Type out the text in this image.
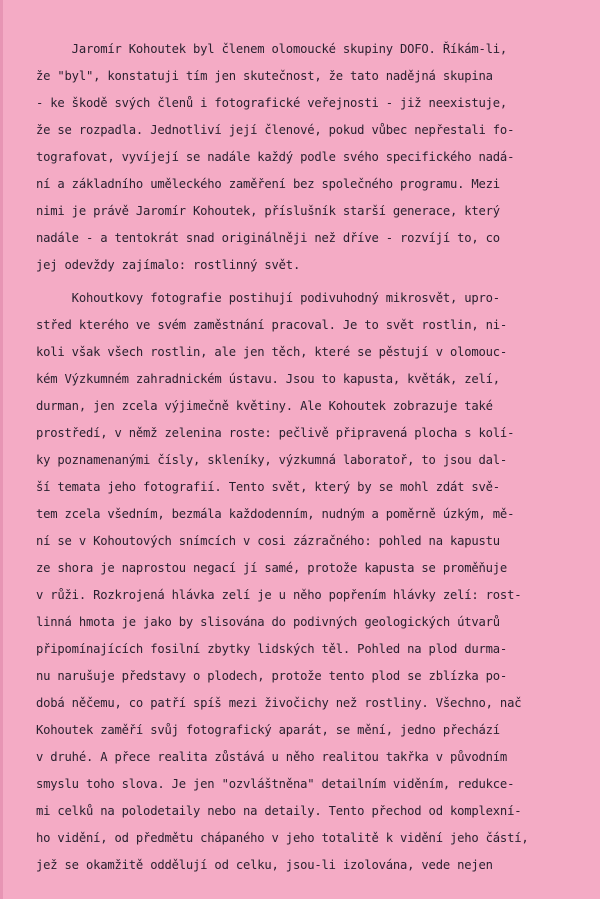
Jaromír Kohoutek byl členem olomoucké skupiny DOFO. Říkám-li,
že "byl", konstatuji tím jen skutečnost, že tato nadějná skupina
- ke škodě svých členů i fotografické veřejnosti - již neexistuje,
že se rozpadla. Jednotliví její členové, pokud vůbec nepřestali fo-
tografovat, vyvíjejí se nadále každý podle svého specifického nadá-
ní a základního uměleckého zaměření bez společného programu. Mezi
nimi je právě Jaromír Kohoutek, příslušník starší generace, který
nadále - a tentokrát snad originálněji než dříve - rozvíjí to, co
jej odevždy zajímalo: rostlinný svět.
Kohoutkovy fotografie postihují podivuhodný mikrosvět, upro-
střed kterého ve svém zaměstnání pracoval. Je to svět rostlin, ni-
koli však všech rostlin, ale jen těch, které se pěstují v olomouc-
kém Výzkumném zahradnickém ústavu. Jsou to kapusta, květák, zelí,
durman, jen zcela výjimečně květiny. Ale Kohoutek zobrazuje také
prostředí, v němž zelenina roste: pečlivě připravená plocha s kolí-
ky poznamenanými čísly, skleníky, výzkumná laboratoř, to jsou dal-
ší temata jeho fotografií. Tento svět, který by se mohl zdát svě-
tem zcela všedním, bezmála každodenním, nudným a poměrně úzkým, mě-
ní se v Kohoutových snímcích v cosi zázračného: pohled na kapustu
ze shora je naprostou negací jí samé, protože kapusta se proměňuje
v růži. Rozkrojená hlávka zelí je u něho popřením hlávky zelí: rost-
linná hmota je jako by slisována do podivných geologických útvarů
připomínajících fosilní zbytky lidských těl. Pohled na plod durma-
nu narušuje představy o plodech, protože tento plod se zblízka po-
dobá něčemu, co patří spíš mezi živočichy než rostliny. Všechno, nač
Kohoutek zaměří svůj fotografický aparát, se mění, jedno přechází
v druhé. A přece realita zůstává u něho realitou takřka v původním
smyslu toho slova. Je jen "ozvláštněna" detailním viděním, redukce-
mi celků na polodetaily nebo na detaily. Tento přechod od komplexní-
ho vidění, od předmětu chápaného v jeho totalitě k vidění jeho částí,
jež se okamžitě oddělují od celku, jsou-li izolována, vede nejen
